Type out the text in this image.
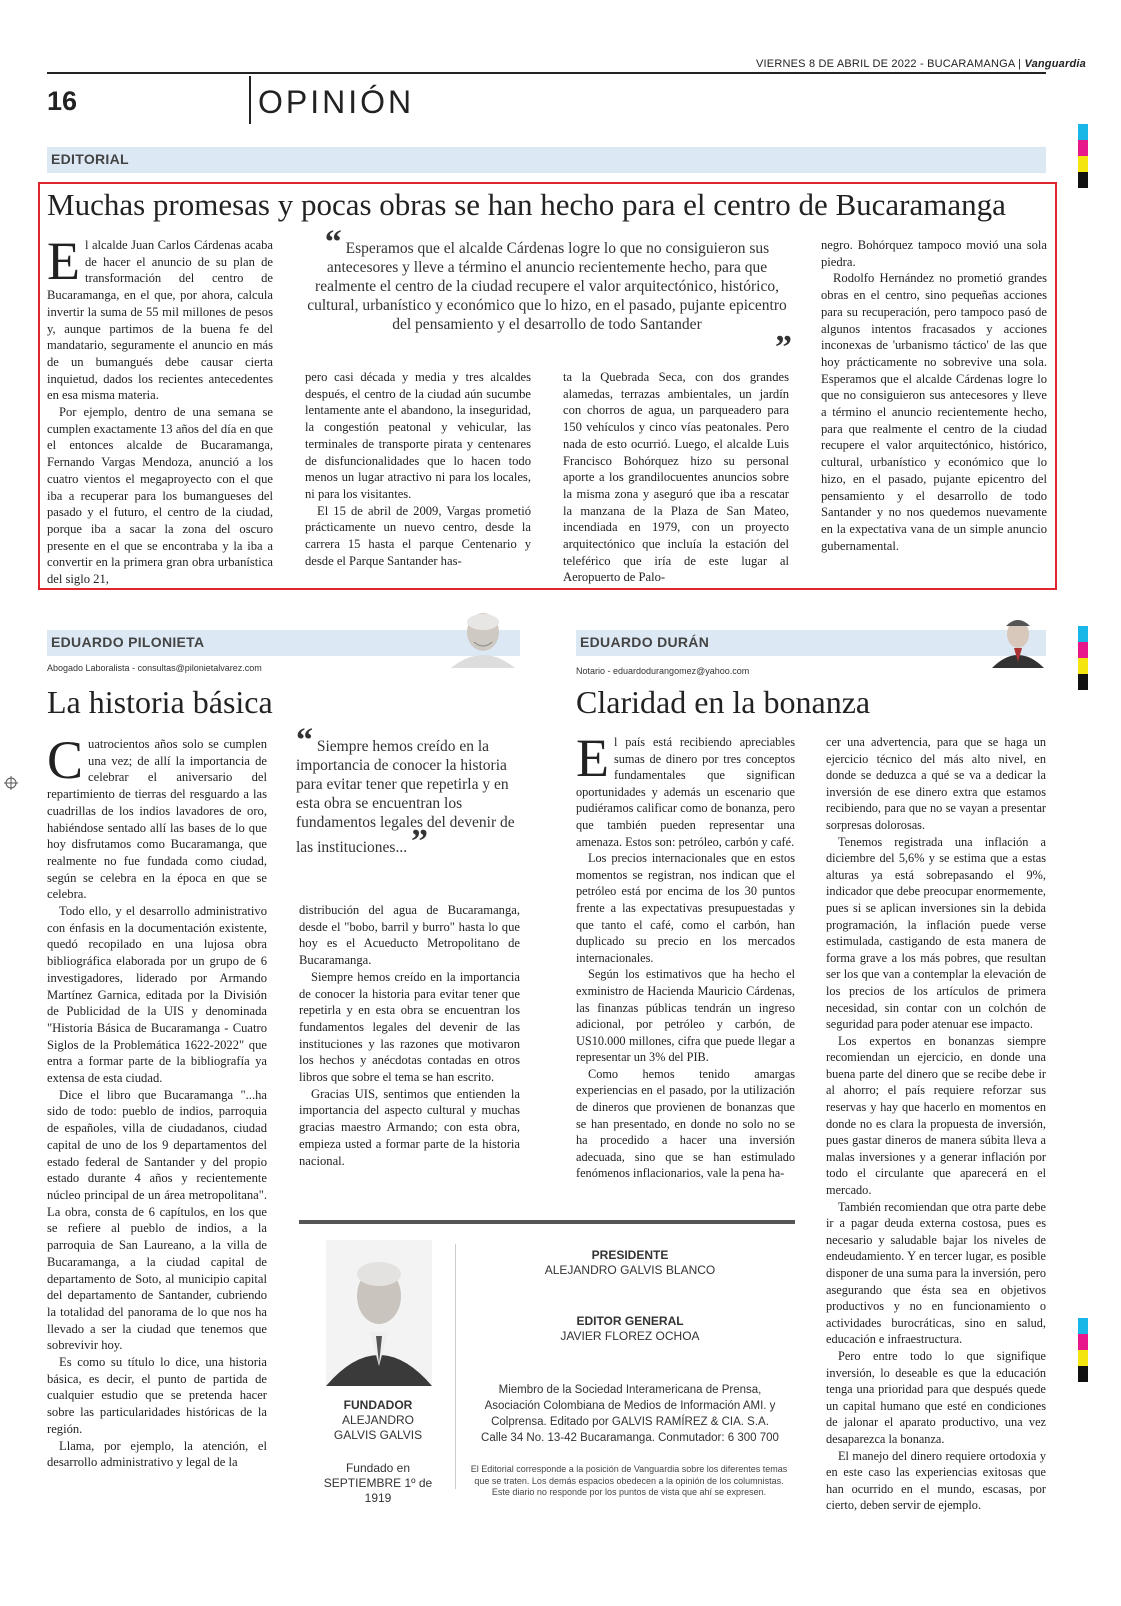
VIERNES 8 DE ABRIL DE 2022 - BUCARAMANGA | Vanguardia
16	OPINIÓN
EDITORIAL
Muchas promesas y pocas obras se han hecho para el centro de Bucaramanga

El alcalde Juan Carlos Cárdenas acaba de hacer el anuncio de su plan de transformación del centro de Bucaramanga, en el que, por ahora, calcula invertir la suma de 55 mil millones de pesos y, aunque partimos de la buena fe del mandatario, seguramente el anuncio en más de un bumangués debe causar cierta inquietud, dados los recientes antecedentes en esa misma materia.

Por ejemplo, dentro de una semana se cumplen exactamente 13 años del día en que el entonces alcalde de Bucaramanga, Fernando Vargas Mendoza, anunció a los cuatro vientos el megaproyecto con el que iba a recuperar para los bumangueses del pasado y el futuro, el centro de la ciudad, porque iba a sacar la zona del oscuro presente en el que se encontraba y la iba a convertir en la primera gran obra urbanística del siglo 21,

“ Esperamos que el alcalde Cárdenas logre lo que no consiguieron sus antecesores y lleve a término el anuncio recientemente hecho, para que realmente el centro de la ciudad recupere el valor arquitectónico, histórico, cultural, urbanístico y económico que lo hizo, en el pasado, pujante epicentro del pensamiento y el desarrollo de todo Santander
”

pero casi década y media y tres alcaldes después, el centro de la ciudad aún sucumbe lentamente ante el abandono, la inseguridad, la congestión peatonal y vehicular, las terminales de transporte pirata y centenares de disfuncionalidades que lo hacen todo menos un lugar atractivo ni para los locales, ni para los visitantes.

El 15 de abril de 2009, Vargas prometió prácticamente un nuevo centro, desde la carrera 15 hasta el parque Centenario y desde el Parque Santander has-

ta la Quebrada Seca, con dos grandes alamedas, terrazas ambientales, un jardín con chorros de agua, un parqueadero para 150 vehículos y cinco vías peatonales. Pero nada de esto ocurrió. Luego, el alcalde Luis Francisco Bohórquez hizo su personal aporte a los grandilocuentes anuncios sobre la misma zona y aseguró que iba a rescatar la manzana de la Plaza de San Mateo, incendiada en 1979, con un proyecto arquitectónico que incluía la estación del teleférico que iría de este lugar al Aeropuerto de Palo-

negro. Bohórquez tampoco movió una sola piedra.

Rodolfo Hernández no prometió grandes obras en el centro, sino pequeñas acciones para su recuperación, pero tampoco pasó de algunos intentos fracasados y acciones inconexas de 'urbanismo táctico' de las que hoy prácticamente no sobrevive una sola. Esperamos que el alcalde Cárdenas logre lo que no consiguieron sus antecesores y lleve a término el anuncio recientemente hecho, para que realmente el centro de la ciudad recupere el valor arquitectónico, histórico, cultural, urbanístico y económico que lo hizo, en el pasado, pujante epicentro del pensamiento y el desarrollo de todo Santander y no nos quedemos nuevamente en la expectativa vana de un simple anuncio gubernamental.

EDUARDO PILONIETA
Abogado Laboralista - consultas@pilonietalvarez.com
La historia básica

Cuatrocientos años solo se cumplen una vez; de allí la importancia de celebrar el aniversario del repartimiento de tierras del resguardo a las cuadrillas de los indios lavadores de oro, habiéndose sentado allí las bases de lo que hoy disfrutamos como Bucaramanga, que realmente no fue fundada como ciudad, según se celebra en la época en que se celebra.

Todo ello, y el desarrollo administrativo con énfasis en la documentación existente, quedó recopilado en una lujosa obra bibliográfica elaborada por un grupo de 6 investigadores, liderado por Armando Martínez Garnica, editada por la División de Publicidad de la UIS y denominada "Historia Básica de Bucaramanga - Cuatro Siglos de la Problemática 1622-2022" que entra a formar parte de la bibliografía ya extensa de esta ciudad.

Dice el libro que Bucaramanga "...ha sido de todo: pueblo de indios, parroquia de españoles, villa de ciudadanos, ciudad capital de uno de los 9 departamentos del estado federal de Santander y del propio estado durante 4 años y recientemente núcleo principal de un área metropolitana". La obra, consta de 6 capítulos, en los que se refiere al pueblo de indios, a la parroquia de San Laureano, a la villa de Bucaramanga, a la ciudad capital de departamento de Soto, al municipio capital del departamento de Santander, cubriendo la totalidad del panorama de lo que nos ha llevado a ser la ciudad que tenemos que sobrevivir hoy.

Es como su título lo dice, una historia básica, es decir, el punto de partida de cualquier estudio que se pretenda hacer sobre las particularidades históricas de la región.

Llama, por ejemplo, la atención, el desarrollo administrativo y legal de la

“ Siempre hemos creído en la importancia de conocer la historia para evitar tener que repetirla y en esta obra se encuentran los fundamentos legales del devenir de las instituciones... ”

distribución del agua de Bucaramanga, desde el "bobo, barril y burro" hasta lo que hoy es el Acueducto Metropolitano de Bucaramanga.

Siempre hemos creído en la importancia de conocer la historia para evitar tener que repetirla y en esta obra se encuentran los fundamentos legales del devenir de las instituciones y las razones que motivaron los hechos y anécdotas contadas en otros libros que sobre el tema se han escrito.

Gracias UIS, sentimos que entienden la importancia del aspecto cultural y muchas gracias maestro Armando; con esta obra, empieza usted a formar parte de la historia nacional.

EDUARDO DURÁN
Notario - eduardodurangomez@yahoo.com
Claridad en la bonanza

El país está recibiendo apreciables sumas de dinero por tres conceptos fundamentales que significan oportunidades y además un escenario que pudiéramos calificar como de bonanza, pero que también pueden representar una amenaza. Estos son: petróleo, carbón y café.

Los precios internacionales que en estos momentos se registran, nos indican que el petróleo está por encima de los 30 puntos frente a las expectativas presupuestadas y que tanto el café, como el carbón, han duplicado su precio en los mercados internacionales.

Según los estimativos que ha hecho el exministro de Hacienda Mauricio Cárdenas, las finanzas públicas tendrán un ingreso adicional, por petróleo y carbón, de US10.000 millones, cifra que puede llegar a representar un 3% del PIB.

Como hemos tenido amargas experiencias en el pasado, por la utilización de dineros que provienen de bonanzas que se han presentado, en donde no solo no se ha procedido a hacer una inversión adecuada, sino que se han estimulado fenómenos inflacionarios, vale la pena ha-

cer una advertencia, para que se haga un ejercicio técnico del más alto nivel, en donde se deduzca a qué se va a dedicar la inversión de ese dinero extra que estamos recibiendo, para que no se vayan a presentar sorpresas dolorosas.

Tenemos registrada una inflación a diciembre del 5,6% y se estima que a estas alturas ya está sobrepasando el 9%, indicador que debe preocupar enormemente, pues si se aplican inversiones sin la debida programación, la inflación puede verse estimulada, castigando de esta manera de forma grave a los más pobres, que resultan ser los que van a contemplar la elevación de los precios de los artículos de primera necesidad, sin contar con un colchón de seguridad para poder atenuar ese impacto.

Los expertos en bonanzas siempre recomiendan un ejercicio, en donde una buena parte del dinero que se recibe debe ir al ahorro; el país requiere reforzar sus reservas y hay que hacerlo en momentos en donde no es clara la propuesta de inversión, pues gastar dineros de manera súbita lleva a malas inversiones y a generar inflación por todo el circulante que aparecerá en el mercado.

También recomiendan que otra parte debe ir a pagar deuda externa costosa, pues es necesario y saludable bajar los niveles de endeudamiento. Y en tercer lugar, es posible disponer de una suma para la inversión, pero asegurando que ésta sea en objetivos productivos y no en funcionamiento o actividades burocráticas, sino en salud, educación e infraestructura.

Pero entre todo lo que signifique inversión, lo deseable es que la educación tenga una prioridad para que después quede un capital humano que esté en condiciones de jalonar el aparato productivo, una vez desaparezca la bonanza.

El manejo del dinero requiere ortodoxia y en este caso las experiencias exitosas que han ocurrido en el mundo, escasas, por cierto, deben servir de ejemplo.

FUNDADOR
ALEJANDRO GALVIS GALVIS
Fundado en SEPTIEMBRE 1º de 1919
PRESIDENTE
ALEJANDRO GALVIS BLANCO
EDITOR GENERAL
JAVIER FLOREZ OCHOA
Miembro de la Sociedad Interamericana de Prensa, Asociación Colombiana de Medios de Información AMI. y Colprensa. Editado por GALVIS RAMÍREZ & CIA. S.A. Calle 34 No. 13-42 Bucaramanga. Conmutador: 6 300 700
El Editorial corresponde a la posición de Vanguardia sobre los diferentes temas que se traten. Los demás espacios obedecen a la opinión de los columnistas. Este diario no responde por los puntos de vista que ahí se expresen.
